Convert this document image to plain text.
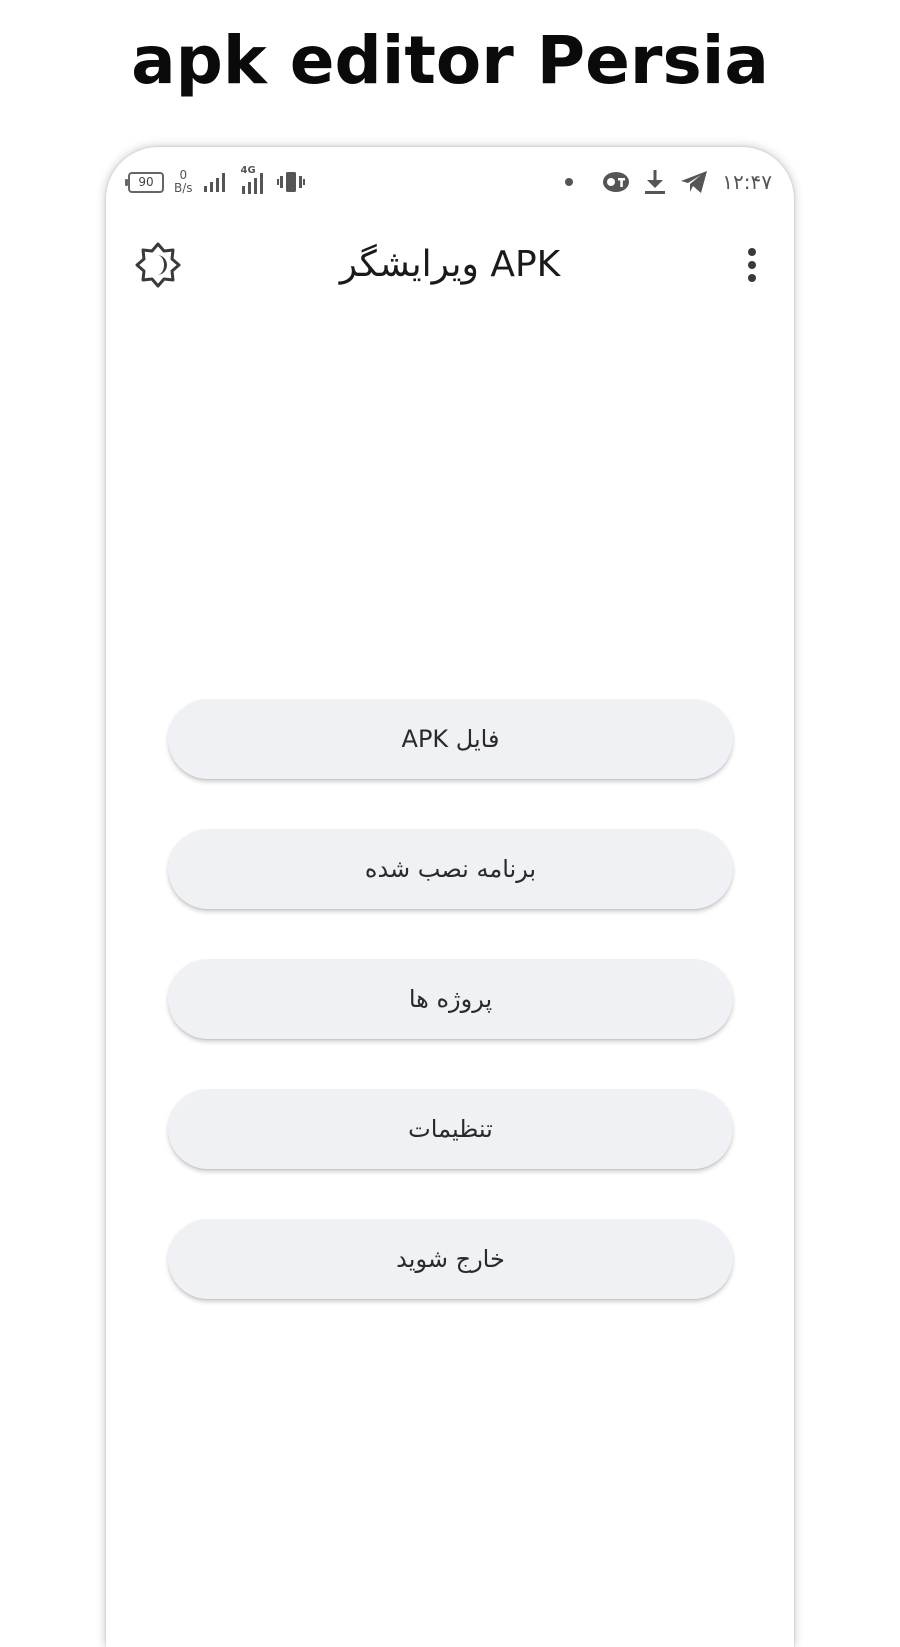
apk editor Persia
90	0
B/s
4G	۱۲:۴۷
ویرایشگر APK
فایل APK
برنامه نصب شده
پروژه ها
تنظیمات
خارج شوید
